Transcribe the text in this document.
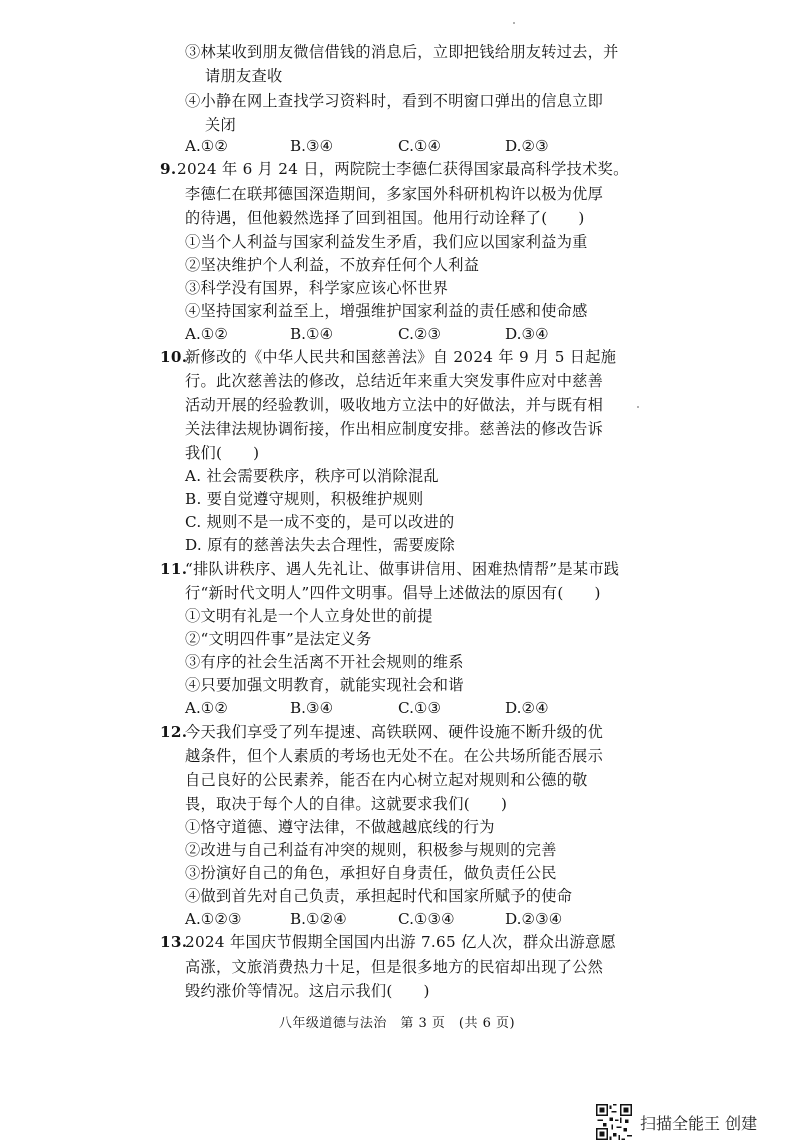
③林某收到朋友微信借钱的消息后，立即把钱给朋友转过去，并
请朋友查收
④小静在网上查找学习资料时，看到不明窗口弹出的信息立即
关闭
A.①②	B.③④	C.①④	D.②③
9. 2024 年 6 月 24 日，两院院士李德仁获得国家最高科学技术奖。
李德仁在联邦德国深造期间，多家国外科研机构许以极为优厚
的待遇，但他毅然选择了回到祖国。他用行动诠释了(　　)
①当个人利益与国家利益发生矛盾，我们应以国家利益为重
②坚决维护个人利益，不放弃任何个人利益
③科学没有国界，科学家应该心怀世界
④坚持国家利益至上，增强维护国家利益的责任感和使命感
A.①②	B.①④	C.②③	D.③④
10.
新修改的《中华人民共和国慈善法》自 2024 年 9 月 5 日起施
行。此次慈善法的修改，总结近年来重大突发事件应对中慈善
活动开展的经验教训，吸收地方立法中的好做法，并与既有相
关法律法规协调衔接，作出相应制度安排。慈善法的修改告诉
我们(　　)
A. 社会需要秩序，秩序可以消除混乱
B. 要自觉遵守规则，积极维护规则
C. 规则不是一成不变的，是可以改进的
D. 原有的慈善法失去合理性，需要废除
11.
“排队讲秩序、遇人先礼让、做事讲信用、困难热情帮”是某市践
行“新时代文明人”四件文明事。倡导上述做法的原因有(　　)
①文明有礼是一个人立身处世的前提
②“文明四件事”是法定义务
③有序的社会生活离不开社会规则的维系
④只要加强文明教育，就能实现社会和谐
A.①②	B.③④	C.①③	D.②④
12.
今天我们享受了列车提速、高铁联网、硬件设施不断升级的优
越条件，但个人素质的考场也无处不在。在公共场所能否展示
自己良好的公民素养，能否在内心树立起对规则和公德的敬
畏，取决于每个人的自律。这就要求我们(　　)
①恪守道德、遵守法律，不做越越底线的行为
②改进与自己利益有冲突的规则，积极参与规则的完善
③扮演好自己的角色，承担好自身责任，做负责任公民
④做到首先对自己负责，承担起时代和国家所赋予的使命
A.①②③	B.①②④	C.①③④	D.②③④
13.
2024 年国庆节假期全国国内出游 7.65 亿人次，群众出游意愿
高涨，文旅消费热力十足，但是很多地方的民宿却出现了公然
毁约涨价等情况。这启示我们(　　)
八年级道德与法治　第 3 页　(共 6 页)
扫描全能王 创建
